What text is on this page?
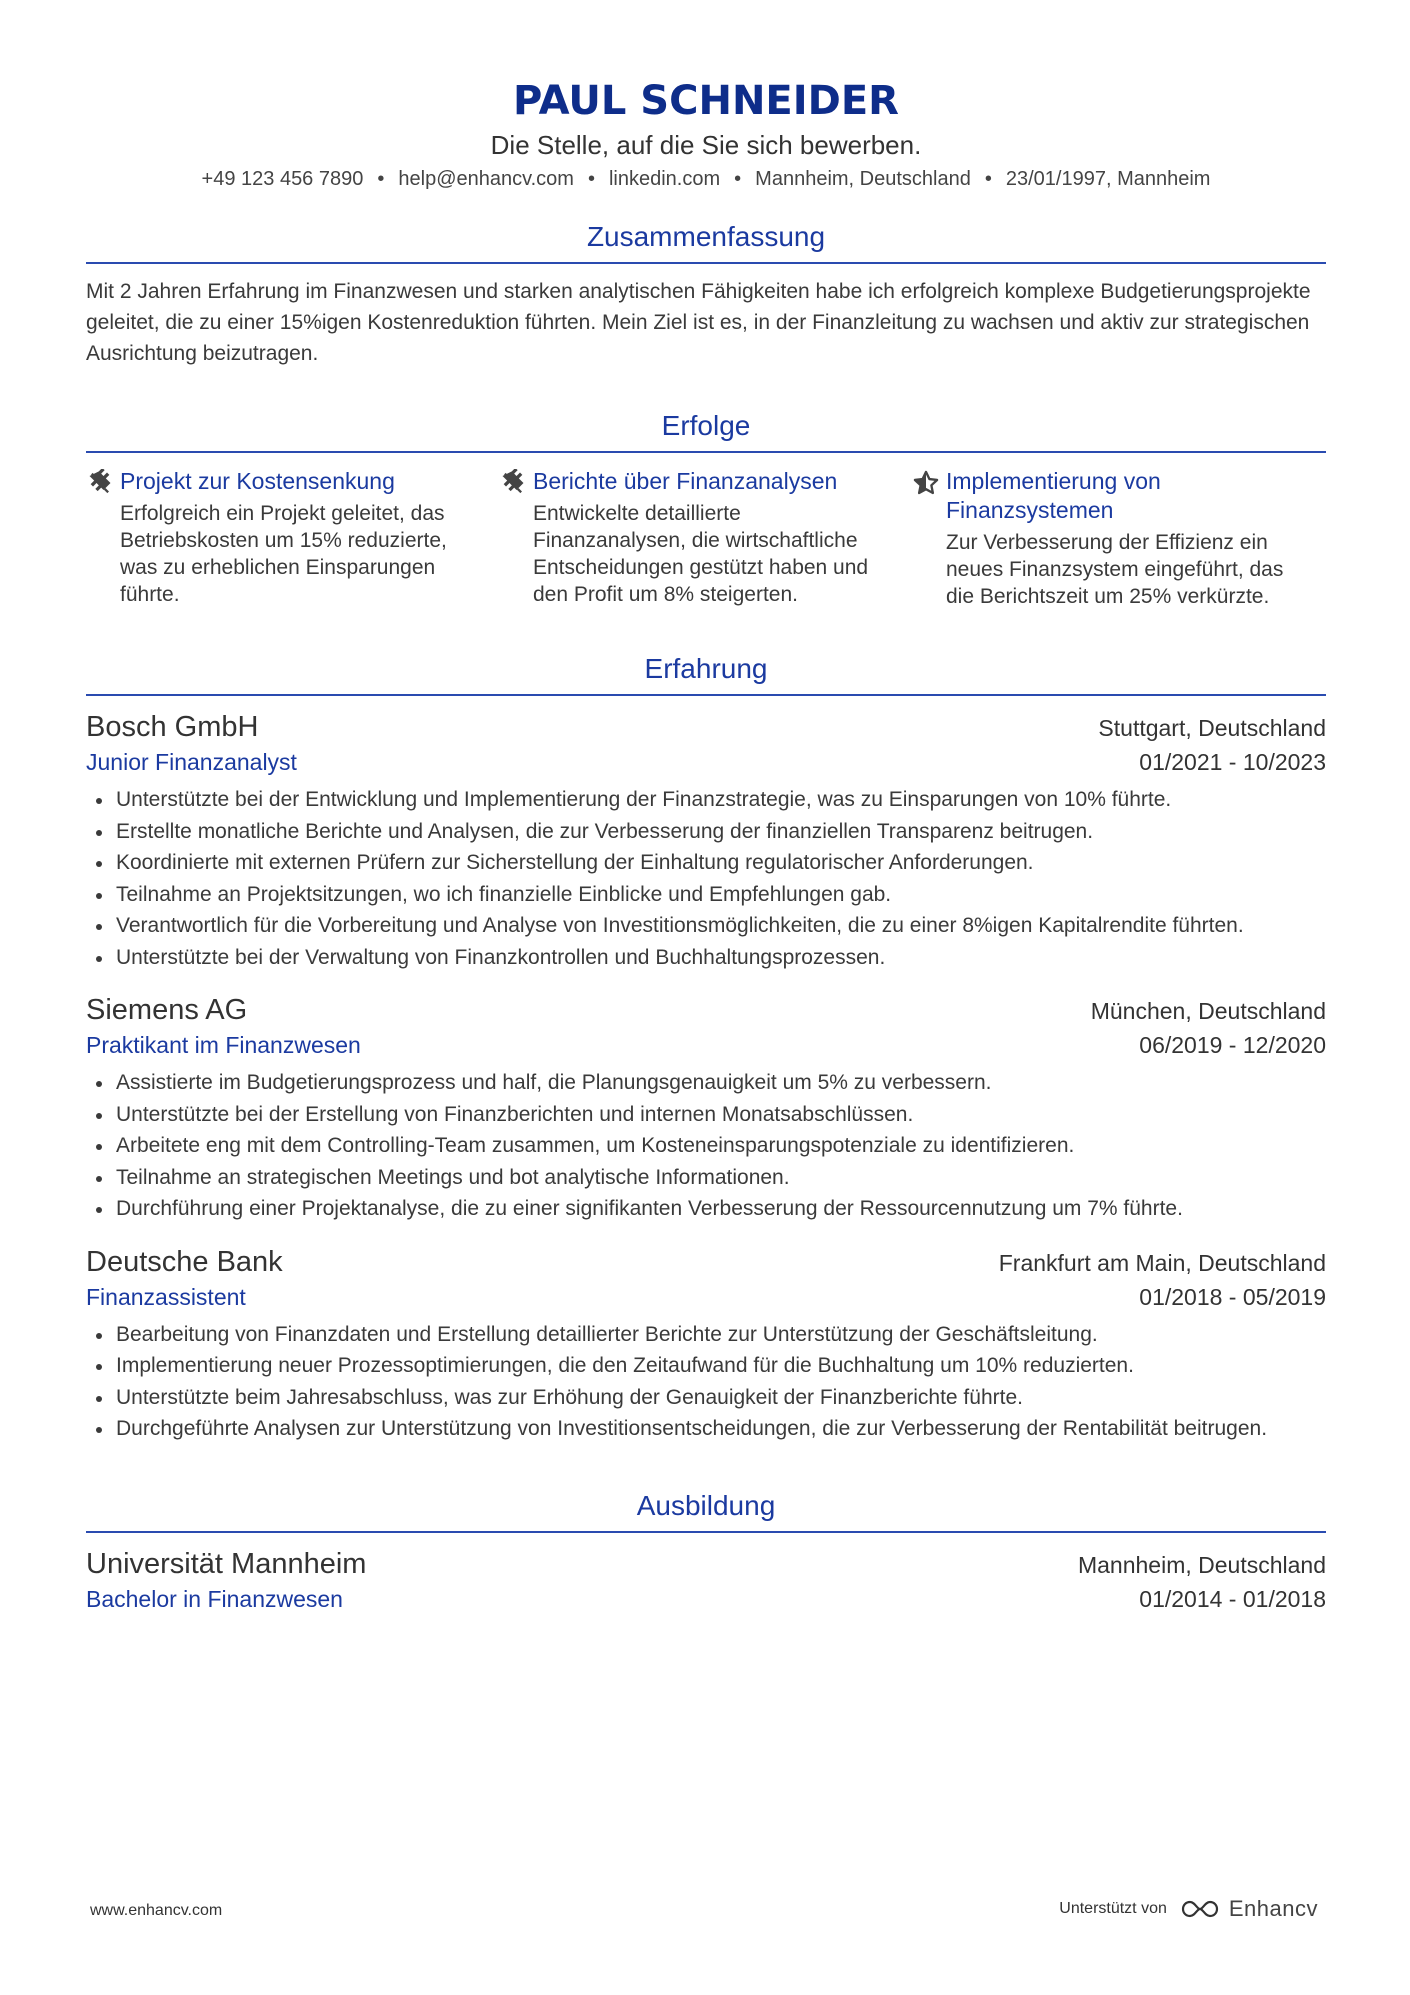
PAUL SCHNEIDER
Die Stelle, auf die Sie sich bewerben.
+49 123 456 7890 • help@enhancv.com • linkedin.com • Mannheim, Deutschland • 23/01/1997, Mannheim
Zusammenfassung
Mit 2 Jahren Erfahrung im Finanzwesen und starken analytischen Fähigkeiten habe ich erfolgreich komplexe Budgetierungsprojekte geleitet, die zu einer 15%igen Kostenreduktion führten. Mein Ziel ist es, in der Finanzleitung zu wachsen und aktiv zur strategischen Ausrichtung beizutragen.
Erfolge
Projekt zur Kostensenkung
Erfolgreich ein Projekt geleitet, das Betriebskosten um 15% reduzierte, was zu erheblichen Einsparungen führte.
Berichte über Finanzanalysen
Entwickelte detaillierte Finanzanalysen, die wirtschaftliche Entscheidungen gestützt haben und den Profit um 8% steigerten.
Implementierung von Finanzsystemen
Zur Verbesserung der Effizienz ein neues Finanzsystem eingeführt, das die Berichtszeit um 25% verkürzte.
Erfahrung
Bosch GmbH	Stuttgart, Deutschland
Junior Finanzanalyst	01/2021 - 10/2023
Unterstützte bei der Entwicklung und Implementierung der Finanzstrategie, was zu Einsparungen von 10% führte.
Erstellte monatliche Berichte und Analysen, die zur Verbesserung der finanziellen Transparenz beitrugen.
Koordinierte mit externen Prüfern zur Sicherstellung der Einhaltung regulatorischer Anforderungen.
Teilnahme an Projektsitzungen, wo ich finanzielle Einblicke und Empfehlungen gab.
Verantwortlich für die Vorbereitung und Analyse von Investitionsmöglichkeiten, die zu einer 8%igen Kapitalrendite führten.
Unterstützte bei der Verwaltung von Finanzkontrollen und Buchhaltungsprozessen.
Siemens AG	München, Deutschland
Praktikant im Finanzwesen	06/2019 - 12/2020
Assistierte im Budgetierungsprozess und half, die Planungsgenauigkeit um 5% zu verbessern.
Unterstützte bei der Erstellung von Finanzberichten und internen Monatsabschlüssen.
Arbeitete eng mit dem Controlling-Team zusammen, um Kosteneinsparungspotenziale zu identifizieren.
Teilnahme an strategischen Meetings und bot analytische Informationen.
Durchführung einer Projektanalyse, die zu einer signifikanten Verbesserung der Ressourcennutzung um 7% führte.
Deutsche Bank	Frankfurt am Main, Deutschland
Finanzassistent	01/2018 - 05/2019
Bearbeitung von Finanzdaten und Erstellung detaillierter Berichte zur Unterstützung der Geschäftsleitung.
Implementierung neuer Prozessoptimierungen, die den Zeitaufwand für die Buchhaltung um 10% reduzierten.
Unterstützte beim Jahresabschluss, was zur Erhöhung der Genauigkeit der Finanzberichte führte.
Durchgeführte Analysen zur Unterstützung von Investitionsentscheidungen, die zur Verbesserung der Rentabilität beitrugen.
Ausbildung
Universität Mannheim	Mannheim, Deutschland
Bachelor in Finanzwesen	01/2014 - 01/2018
www.enhancv.com	Unterstützt von	Enhancv
